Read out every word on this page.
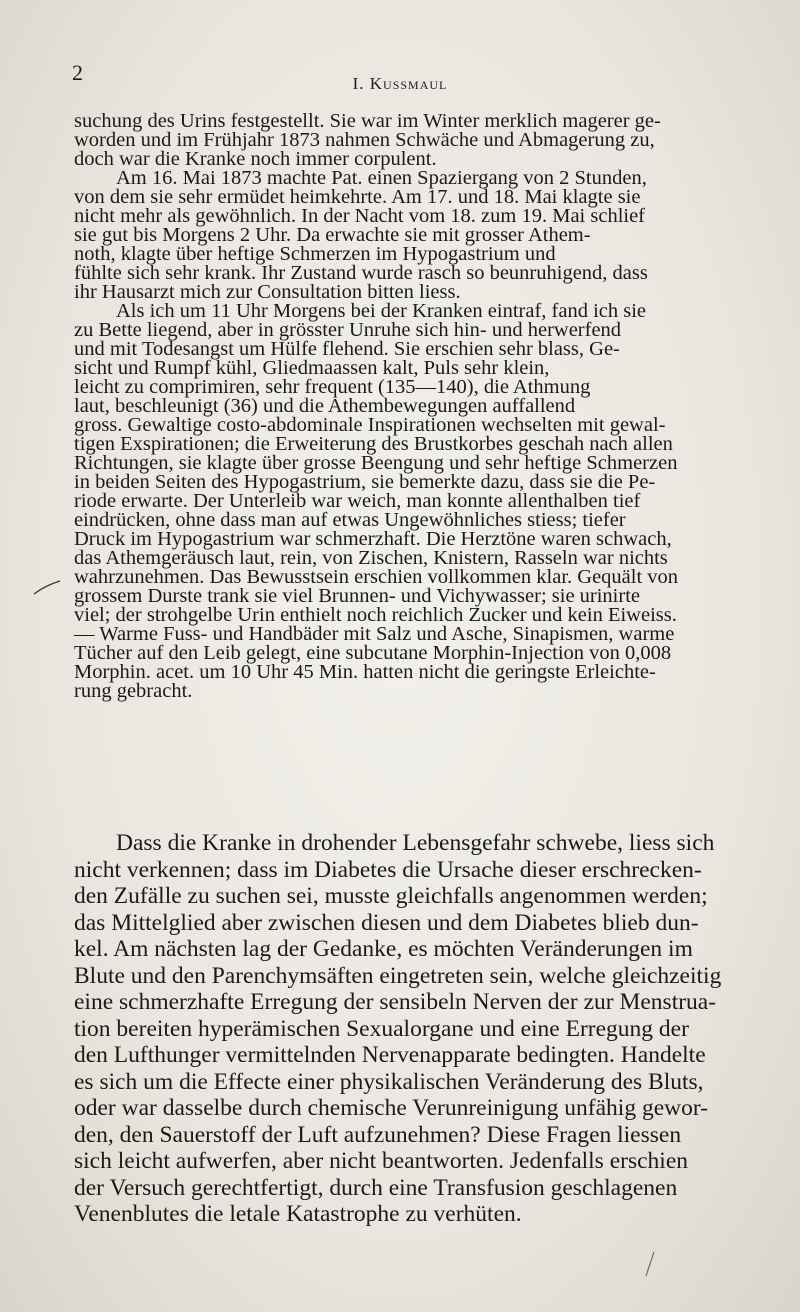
2	I. Kussmaul
suchung des Urins festgestellt. Sie war im Winter merklich magerer ge-
worden und im Frühjahr 1873 nahmen Schwäche und Abmagerung zu,
doch war die Kranke noch immer corpulent.
Am 16. Mai 1873 machte Pat. einen Spaziergang von 2 Stunden,
von dem sie sehr ermüdet heimkehrte. Am 17. und 18. Mai klagte sie
nicht mehr als gewöhnlich. In der Nacht vom 18. zum 19. Mai schlief
sie gut bis Morgens 2 Uhr. Da erwachte sie mit grosser Athem-
noth, klagte über heftige Schmerzen im Hypogastrium und
fühlte sich sehr krank. Ihr Zustand wurde rasch so beunruhigend, dass
ihr Hausarzt mich zur Consultation bitten liess.
Als ich um 11 Uhr Morgens bei der Kranken eintraf, fand ich sie
zu Bette liegend, aber in grösster Unruhe sich hin- und herwerfend
und mit Todesangst um Hülfe flehend. Sie erschien sehr blass, Ge-
sicht und Rumpf kühl, Gliedmaassen kalt, Puls sehr klein,
leicht zu comprimiren, sehr frequent (135—140), die Athmung
laut, beschleunigt (36) und die Athembewegungen auffallend
gross. Gewaltige costo-abdominale Inspirationen wechselten mit gewal-
tigen Exspirationen; die Erweiterung des Brustkorbes geschah nach allen
Richtungen, sie klagte über grosse Beengung und sehr heftige Schmerzen
in beiden Seiten des Hypogastrium, sie bemerkte dazu, dass sie die Pe-
riode erwarte. Der Unterleib war weich, man konnte allenthalben tief
eindrücken, ohne dass man auf etwas Ungewöhnliches stiess; tiefer
Druck im Hypogastrium war schmerzhaft. Die Herztöne waren schwach,
das Athemgeräusch laut, rein, von Zischen, Knistern, Rasseln war nichts
wahrzunehmen. Das Bewusstsein erschien vollkommen klar. Gequält von
grossem Durste trank sie viel Brunnen- und Vichywasser; sie urinirte
viel; der strohgelbe Urin enthielt noch reichlich Zucker und kein Eiweiss.
— Warme Fuss- und Handbäder mit Salz und Asche, Sinapismen, warme
Tücher auf den Leib gelegt, eine subcutane Morphin-Injection von 0,008
Morphin. acet. um 10 Uhr 45 Min. hatten nicht die geringste Erleichte-
rung gebracht.
Dass die Kranke in drohender Lebensgefahr schwebe, liess sich
nicht verkennen; dass im Diabetes die Ursache dieser erschrecken-
den Zufälle zu suchen sei, musste gleichfalls angenommen werden;
das Mittelglied aber zwischen diesen und dem Diabetes blieb dun-
kel. Am nächsten lag der Gedanke, es möchten Veränderungen im
Blute und den Parenchymsäften eingetreten sein, welche gleichzeitig
eine schmerzhafte Erregung der sensibeln Nerven der zur Menstrua-
tion bereiten hyperämischen Sexualorgane und eine Erregung der
den Lufthunger vermittelnden Nervenapparate bedingten. Handelte
es sich um die Effecte einer physikalischen Veränderung des Bluts,
oder war dasselbe durch chemische Verunreinigung unfähig gewor-
den, den Sauerstoff der Luft aufzunehmen? Diese Fragen liessen
sich leicht aufwerfen, aber nicht beantworten. Jedenfalls erschien
der Versuch gerechtfertigt, durch eine Transfusion geschlagenen
Venenblutes die letale Katastrophe zu verhüten.
